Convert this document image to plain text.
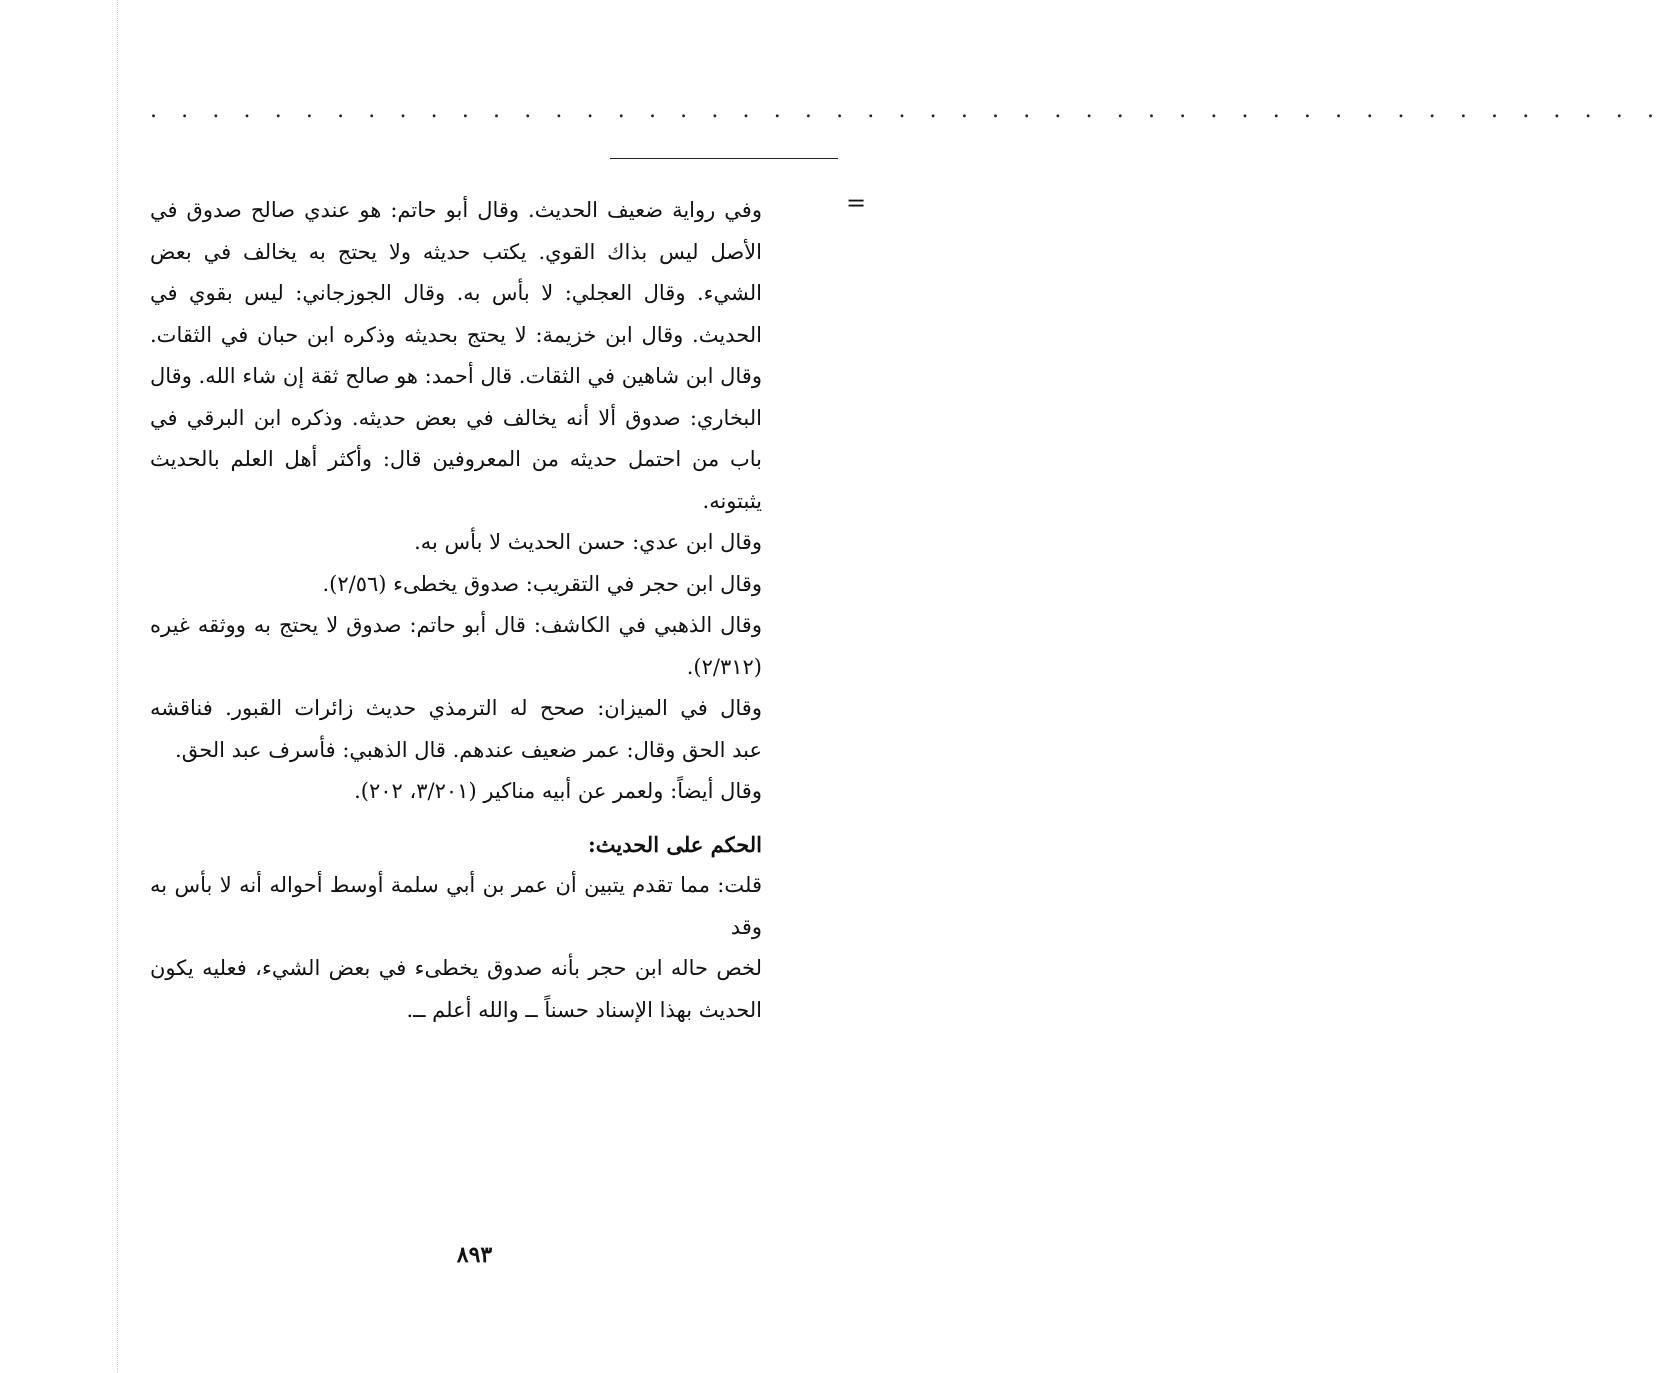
. . . . . . . . . . . . . . . . . . . . . . . . . . . . . . . . . . . . . . . . . . . . . . . . .
=

وفي رواية ضعيف الحديث. وقال أبو حاتم: هو عندي صالح صدوق في

الأصل ليس بذاك القوي. يكتب حديثه ولا يحتج به يخالف في بعض

الشيء. وقال العجلي: لا بأس به. وقال الجوزجاني: ليس بقوي في

الحديث. وقال ابن خزيمة: لا يحتج بحديثه وذكره ابن حبان في الثقات.

وقال ابن شاهين في الثقات. قال أحمد: هو صالح ثقة إن شاء الله. وقال

البخاري: صدوق ألا أنه يخالف في بعض حديثه. وذكره ابن البرقي في

باب من احتمل حديثه من المعروفين قال: وأكثر أهل العلم بالحديث

يثبتونه.

وقال ابن عدي: حسن الحديث لا بأس به.

وقال ابن حجر في التقريب: صدوق يخطىء (٢/٥٦).

وقال الذهبي في الكاشف: قال أبو حاتم: صدوق لا يحتج به ووثقه غيره

(٢/٣١٢).

وقال في الميزان: صحح له الترمذي حديث زائرات القبور. فناقشه

عبد الحق وقال: عمر ضعيف عندهم. قال الذهبي: فأسرف عبد الحق.

وقال أيضاً: ولعمر عن أبيه مناكير (٣/٢٠١، ٢٠٢).

الحكم على الحديث:

قلت: مما تقدم يتبين أن عمر بن أبي سلمة أوسط أحواله أنه لا بأس به وقد

لخص حاله ابن حجر بأنه صدوق يخطىء في بعض الشيء، فعليه يكون

الحديث بهذا الإسناد حسناً ــ والله أعلم ــ.

٨٩٣
